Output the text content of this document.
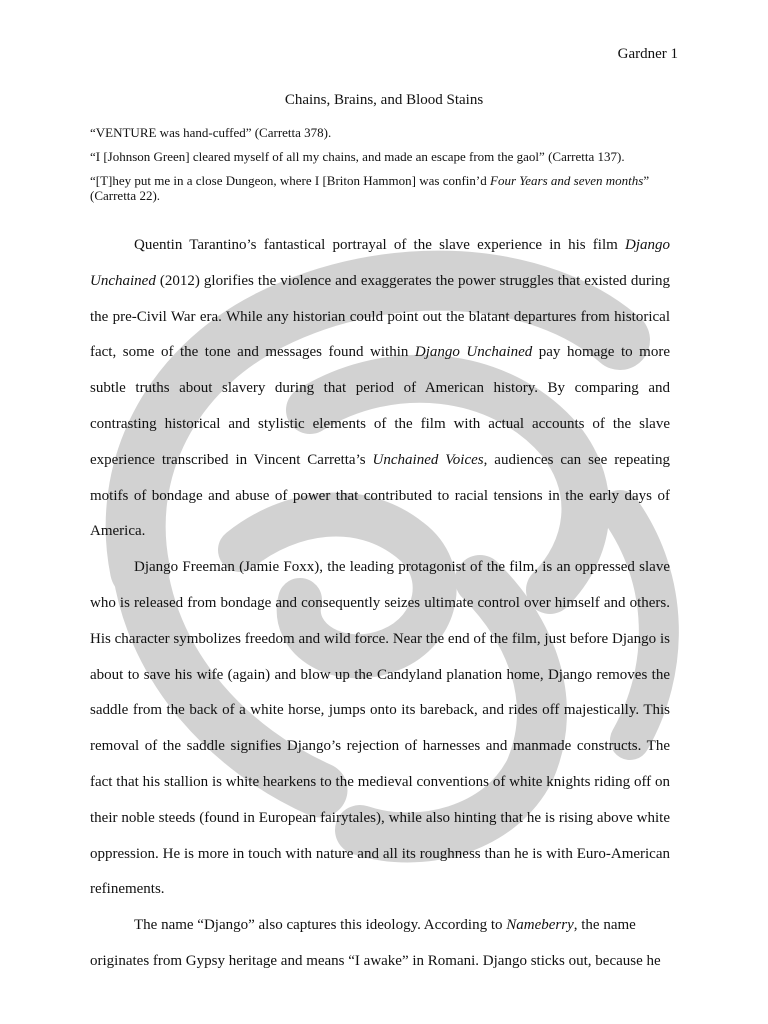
Gardner 1
Chains, Brains, and Blood Stains

“VENTURE was hand-cuffed” (Carretta 378).

“I [Johnson Green] cleared myself of all my chains, and made an escape from the gaol” (Carretta 137).

“[T]hey put me in a close Dungeon, where I [Briton Hammon] was confin’d Four Years and seven months” (Carretta 22).

Quentin Tarantino’s fantastical portrayal of the slave experience in his film Django Unchained (2012) glorifies the violence and exaggerates the power struggles that existed during the pre-Civil War era. While any historian could point out the blatant departures from historical fact, some of the tone and messages found within Django Unchained pay homage to more subtle truths about slavery during that period of American history. By comparing and contrasting historical and stylistic elements of the film with actual accounts of the slave experience transcribed in Vincent Carretta’s Unchained Voices, audiences can see repeating motifs of bondage and abuse of power that contributed to racial tensions in the early days of America.

Django Freeman (Jamie Foxx), the leading protagonist of the film, is an oppressed slave who is released from bondage and consequently seizes ultimate control over himself and others. His character symbolizes freedom and wild force. Near the end of the film, just before Django is about to save his wife (again) and blow up the Candyland planation home, Django removes the saddle from the back of a white horse, jumps onto its bareback, and rides off majestically. This removal of the saddle signifies Django’s rejection of harnesses and manmade constructs. The fact that his stallion is white hearkens to the medieval conventions of white knights riding off on their noble steeds (found in European fairytales), while also hinting that he is rising above white oppression. He is more in touch with nature and all its roughness than he is with Euro-American refinements.

The name “Django” also captures this ideology. According to Nameberry, the name originates from Gypsy heritage and means “I awake” in Romani. Django sticks out, because he
